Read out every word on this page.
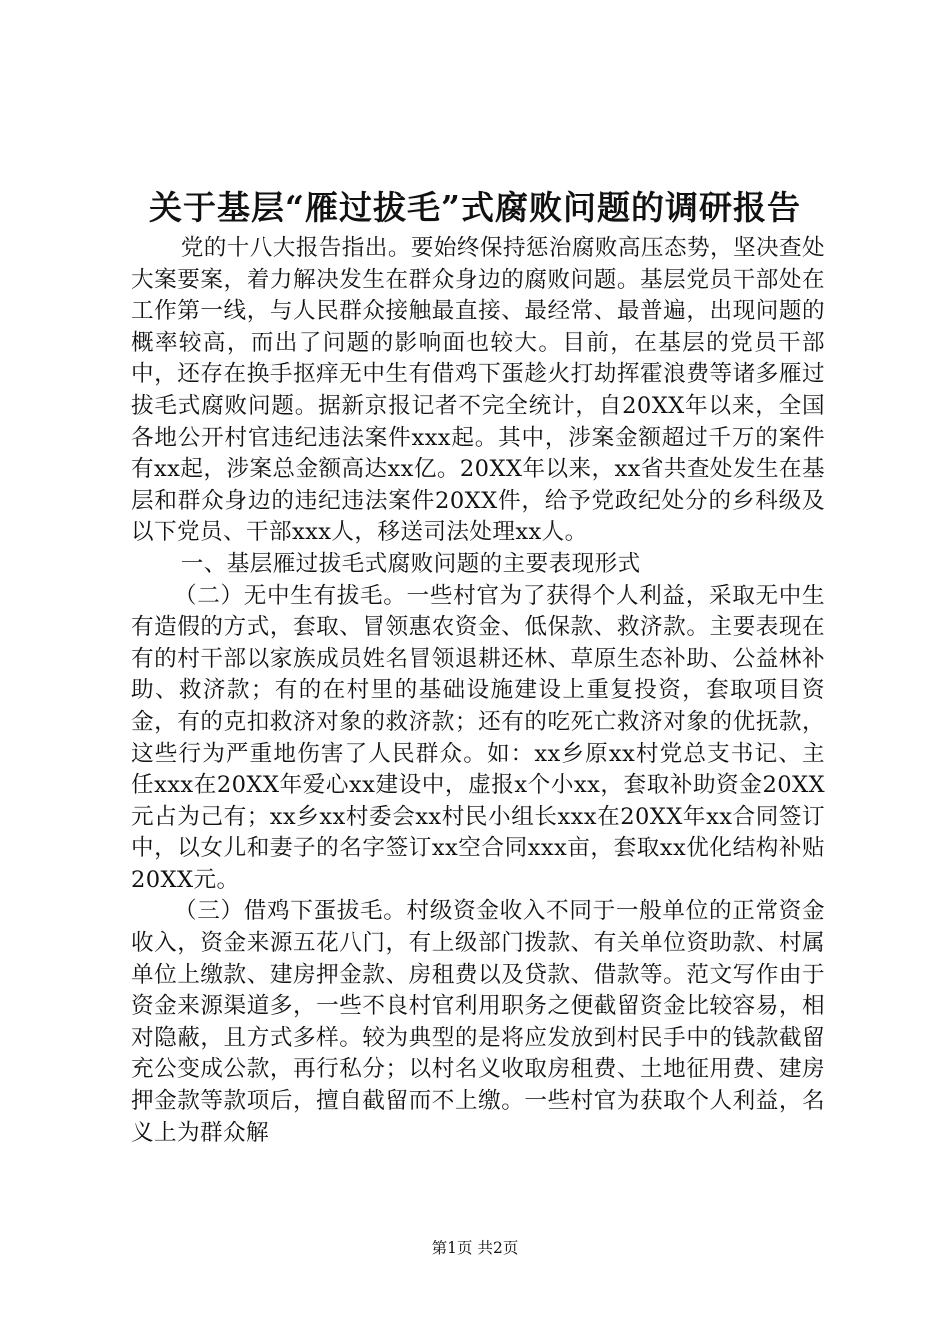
关于基层“雁过拔毛”式腐败问题的调研报告

党的十八大报告指出。要始终保持惩治腐败高压态势，坚决查处大案要案，着力解决发生在群众身边的腐败问题。基层党员干部处在工作第一线，与人民群众接触最直接、最经常、最普遍，出现问题的概率较高，而出了问题的影响面也较大。目前，在基层的党员干部中，还存在换手抠痒无中生有借鸡下蛋趁火打劫挥霍浪费等诸多雁过拔毛式腐败问题。据新京报记者不完全统计，自20XX年以来，全国各地公开村官违纪违法案件xxx起。其中，涉案金额超过千万的案件有xx起，涉案总金额高达xx亿。20XX年以来，xx省共查处发生在基层和群众身边的违纪违法案件20XX件，给予党政纪处分的乡科级及以下党员、干部xxx人，移送司法处理xx人。

一、基层雁过拔毛式腐败问题的主要表现形式

（二）无中生有拔毛。一些村官为了获得个人利益，采取无中生有造假的方式，套取、冒领惠农资金、低保款、救济款。主要表现在有的村干部以家族成员姓名冒领退耕还林、草原生态补助、公益林补助、救济款；有的在村里的基础设施建设上重复投资，套取项目资金，有的克扣救济对象的救济款；还有的吃死亡救济对象的优抚款，这些行为严重地伤害了人民群众。如：xx乡原xx村党总支书记、主任xxx在20XX年爱心xx建设中，虚报x个小xx，套取补助资金20XX元占为己有；xx乡xx村委会xx村民小组长xxx在20XX年xx合同签订中，以女儿和妻子的名字签订xx空合同xxx亩，套取xx优化结构补贴20XX元。

（三）借鸡下蛋拔毛。村级资金收入不同于一般单位的正常资金收入，资金来源五花八门，有上级部门拨款、有关单位资助款、村属单位上缴款、建房押金款、房租费以及贷款、借款等。范文写作由于资金来源渠道多，一些不良村官利用职务之便截留资金比较容易，相对隐蔽，且方式多样。较为典型的是将应发放到村民手中的钱款截留充公变成公款，再行私分；以村名义收取房租费、土地征用费、建房押金款等款项后，擅自截留而不上缴。一些村官为获取个人利益，名义上为群众解

第1页 共2页
